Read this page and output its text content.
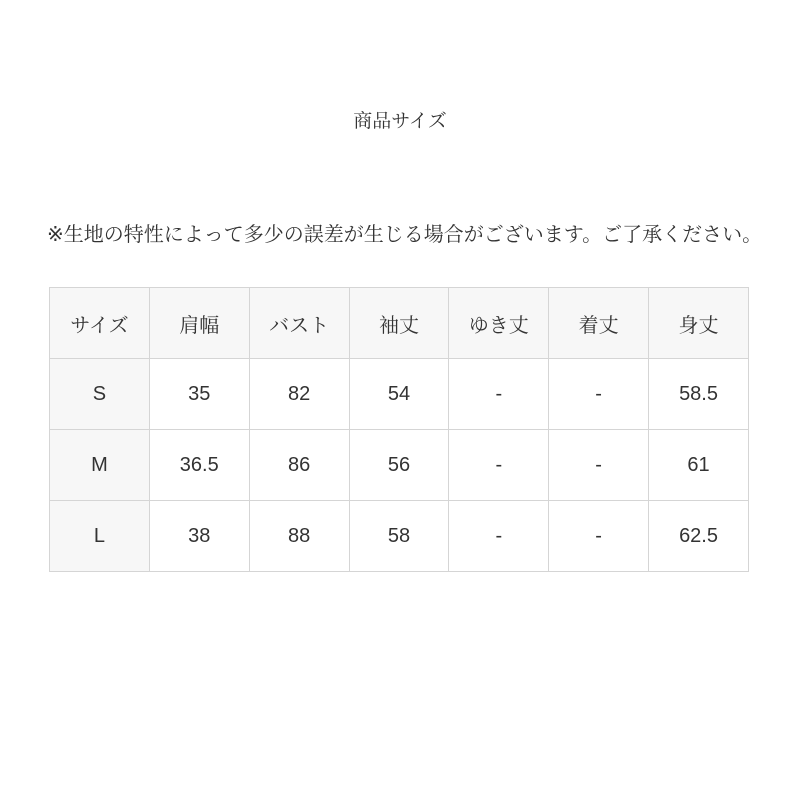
商品サイズ
※生地の特性によって多少の誤差が生じる場合がございます。ご了承ください。
サイズ	肩幅	バスト	袖丈	ゆき丈	着丈	身丈
S	35	82	54	-	-	58.5
M	36.5	86	56	-	-	61
L	38	88	58	-	-	62.5
